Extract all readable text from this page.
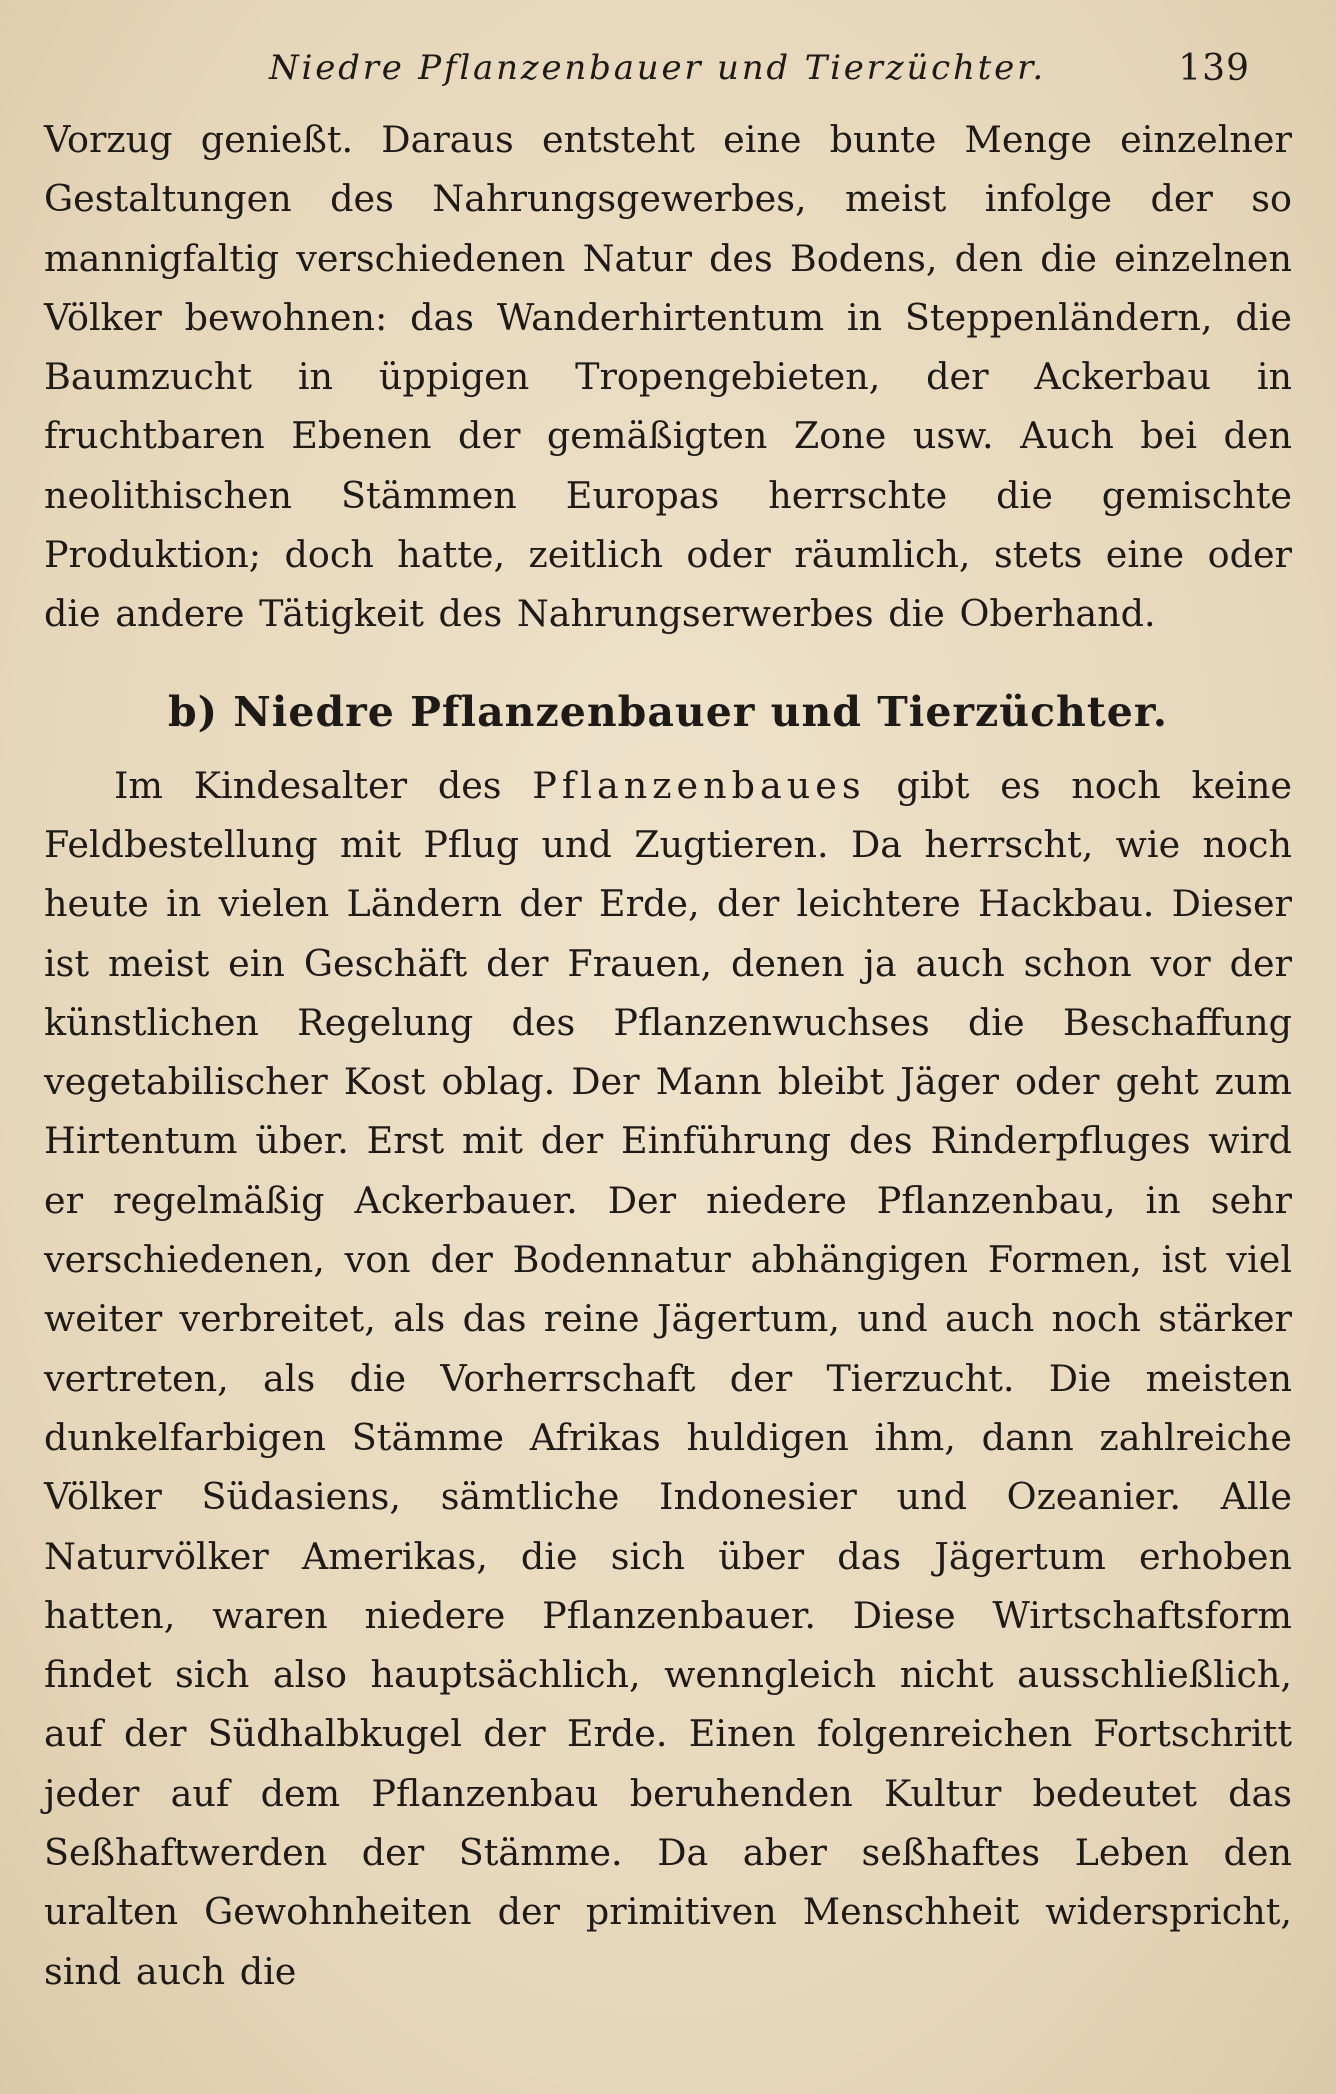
Niedre Pflanzenbauer und Tierzüchter.	139

Vorzug genießt. Daraus entsteht eine bunte Menge einzelner Gestaltungen des Nahrungsgewerbes, meist infolge der so mannigfaltig verschiedenen Natur des Bodens, den die einzelnen Völker bewohnen: das Wanderhirtentum in Steppenländern, die Baumzucht in üppigen Tropengebieten, der Ackerbau in fruchtbaren Ebenen der gemäßigten Zone usw. Auch bei den neolithischen Stämmen Europas herrschte die gemischte Produktion; doch hatte, zeitlich oder räumlich, stets eine oder die andere Tätigkeit des Nahrungserwerbes die Oberhand.

b) Niedre Pflanzenbauer und Tierzüchter.

Im Kindesalter des Pflanzenbaues gibt es noch keine Feldbestellung mit Pflug und Zugtieren. Da herrscht, wie noch heute in vielen Ländern der Erde, der leichtere Hackbau. Dieser ist meist ein Geschäft der Frauen, denen ja auch schon vor der künstlichen Regelung des Pflanzenwuchses die Beschaffung vegetabilischer Kost oblag. Der Mann bleibt Jäger oder geht zum Hirtentum über. Erst mit der Einführung des Rinderpfluges wird er regelmäßig Ackerbauer. Der niedere Pflanzenbau, in sehr verschiedenen, von der Bodennatur abhängigen Formen, ist viel weiter verbreitet, als das reine Jägertum, und auch noch stärker vertreten, als die Vorherrschaft der Tierzucht. Die meisten dunkelfarbigen Stämme Afrikas huldigen ihm, dann zahlreiche Völker Südasiens, sämtliche Indonesier und Ozeanier. Alle Naturvölker Amerikas, die sich über das Jägertum erhoben hatten, waren niedere Pflanzenbauer. Diese Wirtschaftsform findet sich also hauptsächlich, wenngleich nicht ausschließlich, auf der Südhalbkugel der Erde. Einen folgenreichen Fortschritt jeder auf dem Pflanzenbau beruhenden Kultur bedeutet das Seßhaftwerden der Stämme. Da aber seßhaftes Leben den uralten Gewohnheiten der primitiven Menschheit widerspricht, sind auch die
